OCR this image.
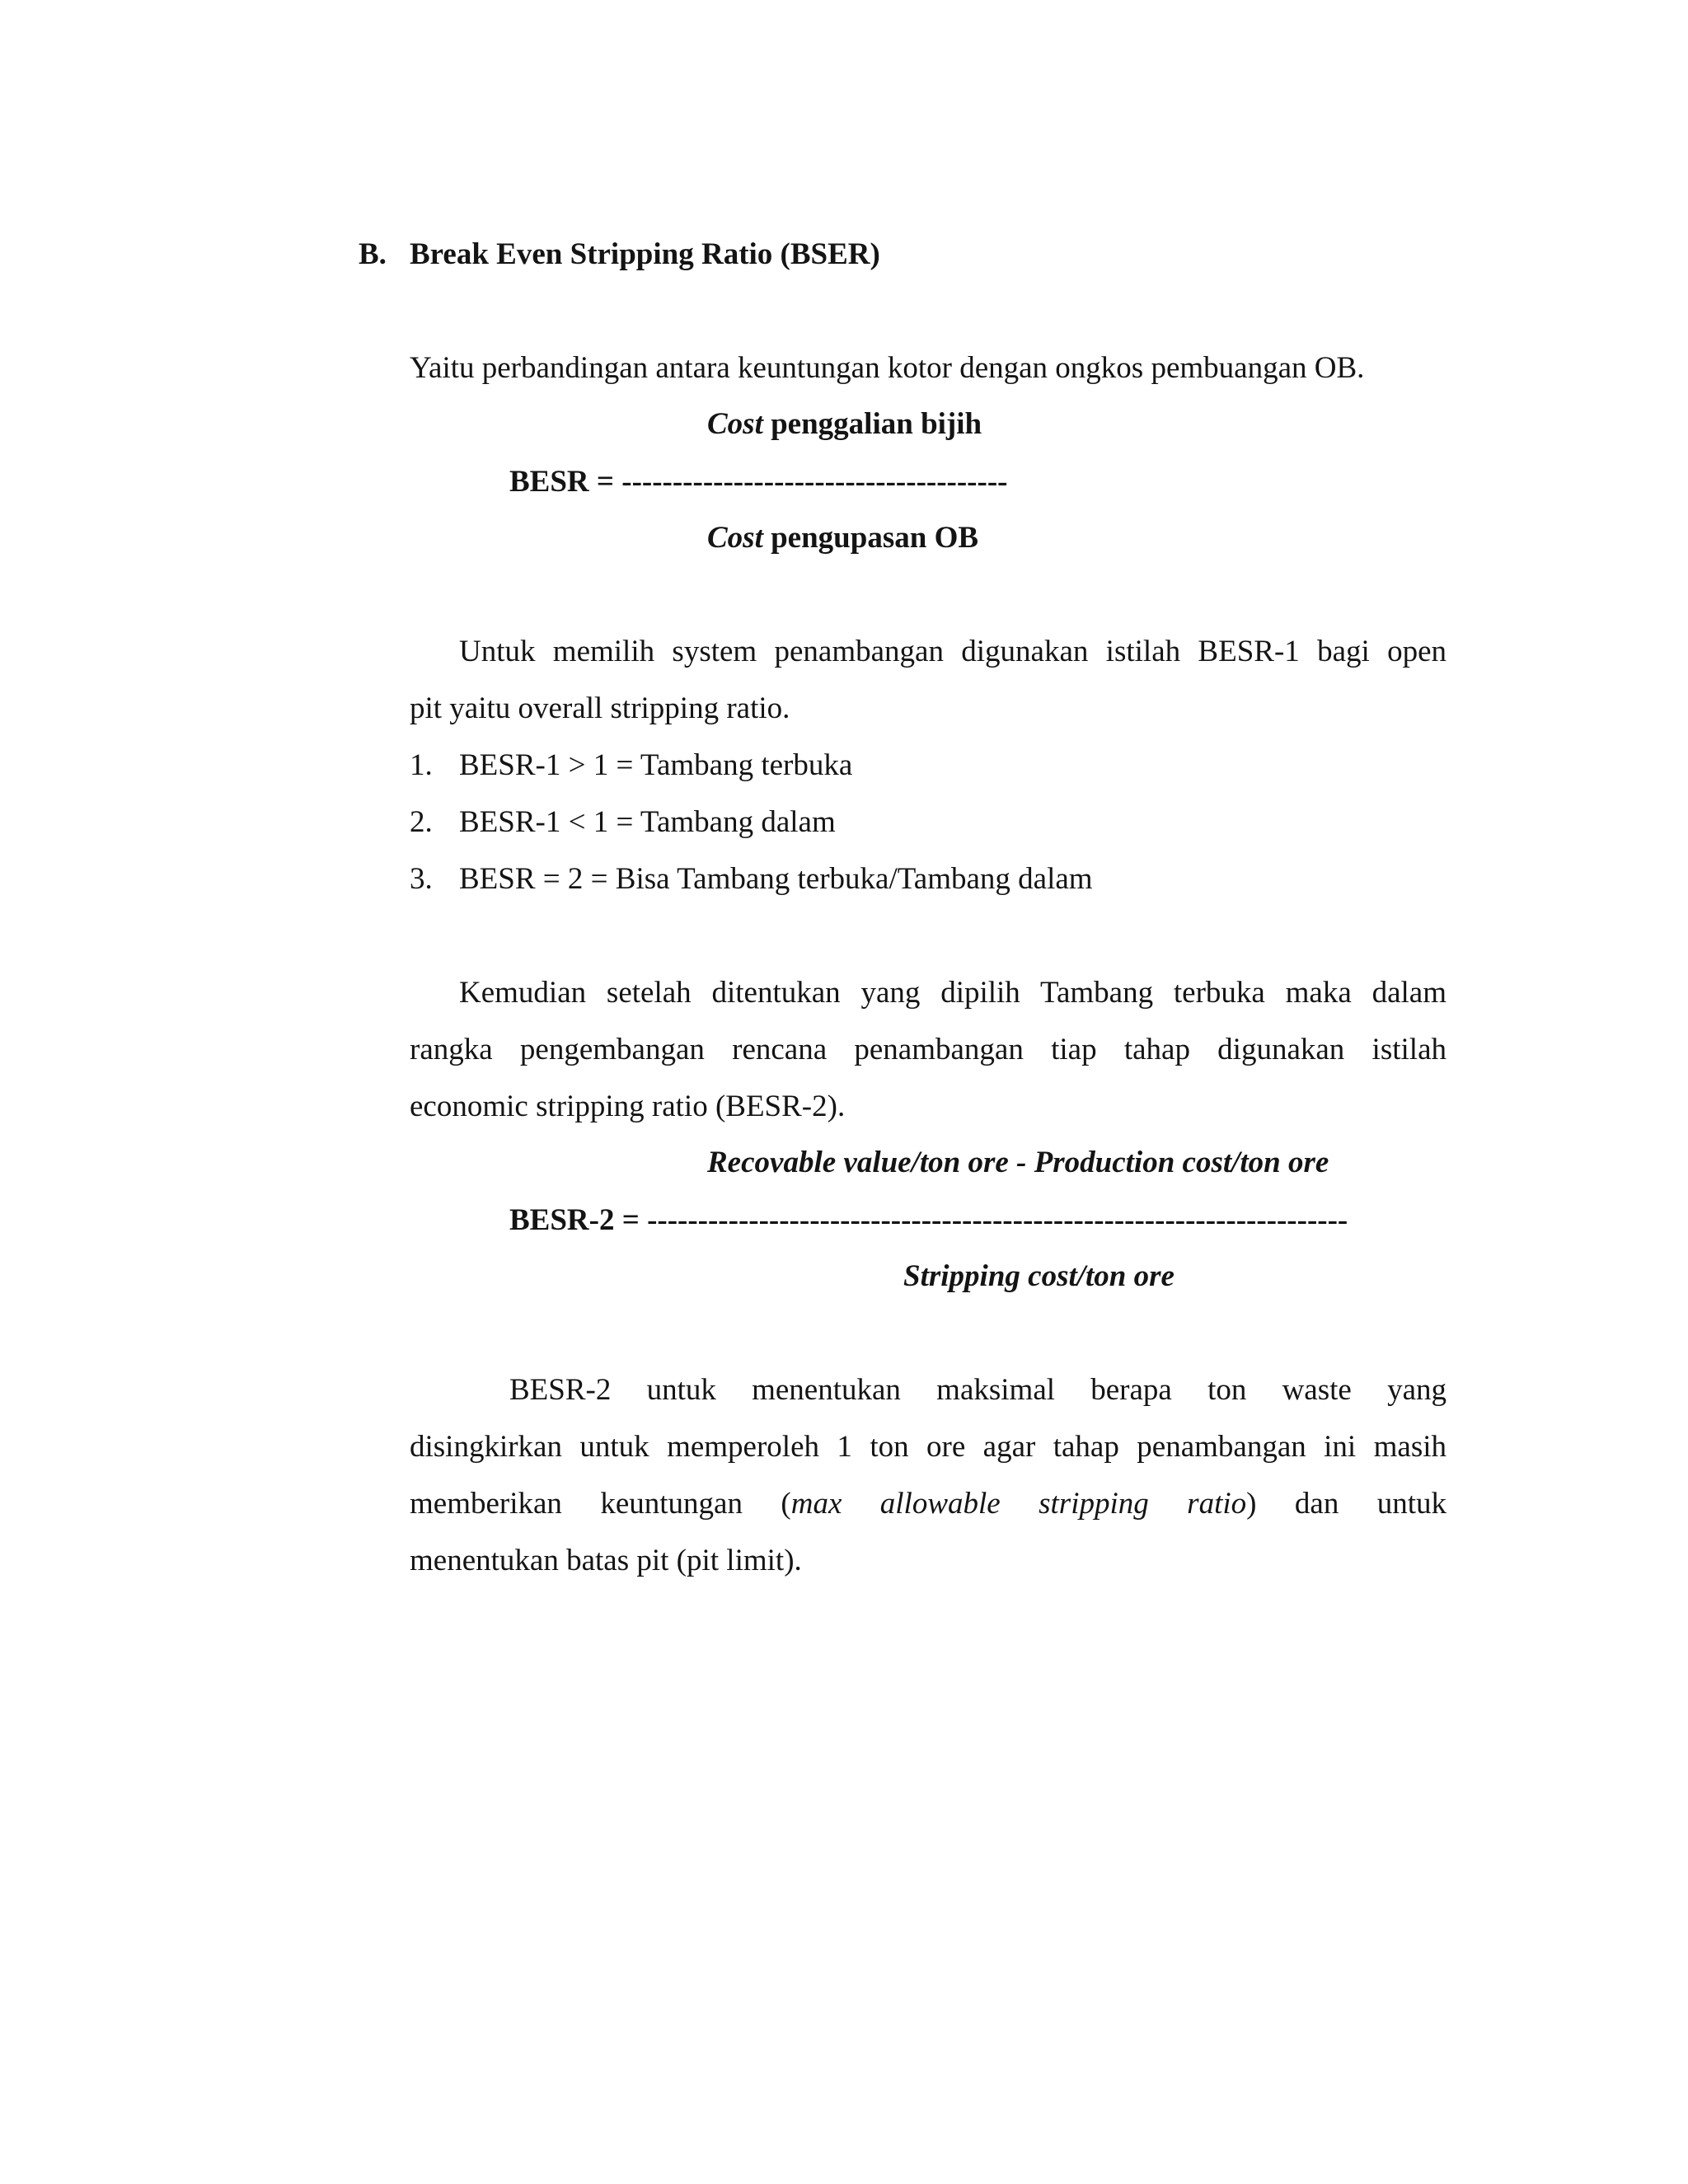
B. Break Even Stripping Ratio (BSER)
Yaitu perbandingan antara keuntungan kotor dengan ongkos pembuangan OB.
Cost penggalian bijih
BESR = --------------------------------------
Cost pengupasan OB
Untuk memilih system penambangan digunakan istilah BESR-1 bagi open
pit yaitu overall stripping ratio.
1. BESR-1 > 1 = Tambang terbuka
2. BESR-1 < 1 = Tambang dalam
3. BESR = 2 = Bisa Tambang terbuka/Tambang dalam
Kemudian setelah ditentukan yang dipilih Tambang terbuka maka dalam
rangka pengembangan rencana penambangan tiap tahap digunakan istilah
economic stripping ratio (BESR-2).
Recovable value/ton ore - Production cost/ton ore
BESR-2 = ---------------------------------------------------------------------
Stripping cost/ton ore
BESR-2 untuk menentukan maksimal berapa ton waste yang
disingkirkan untuk memperoleh 1 ton ore agar tahap penambangan ini masih
memberikan keuntungan (max allowable stripping ratio) dan untuk
menentukan batas pit (pit limit).
